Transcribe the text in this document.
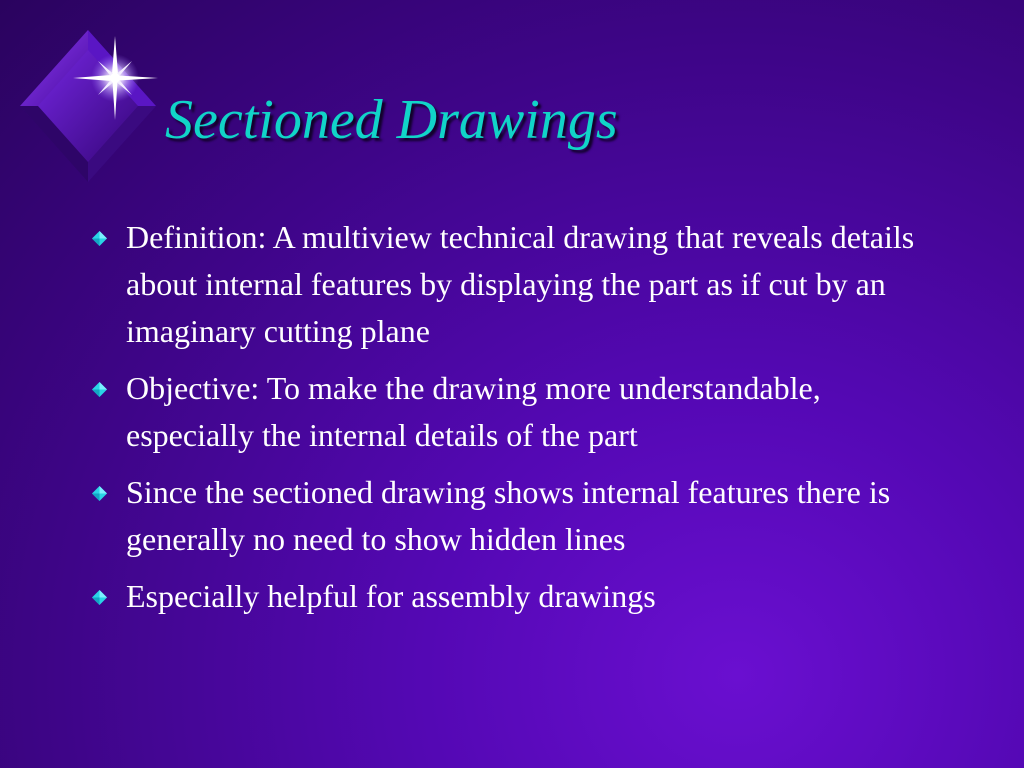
Sectioned Drawings
Definition: A multiview technical drawing that reveals details about internal features by displaying the part as if cut by an imaginary cutting plane
Objective: To make the drawing more understandable, especially the internal details of the part
Since the sectioned drawing shows internal features there is generally no need to show hidden lines
Especially helpful for assembly drawings
